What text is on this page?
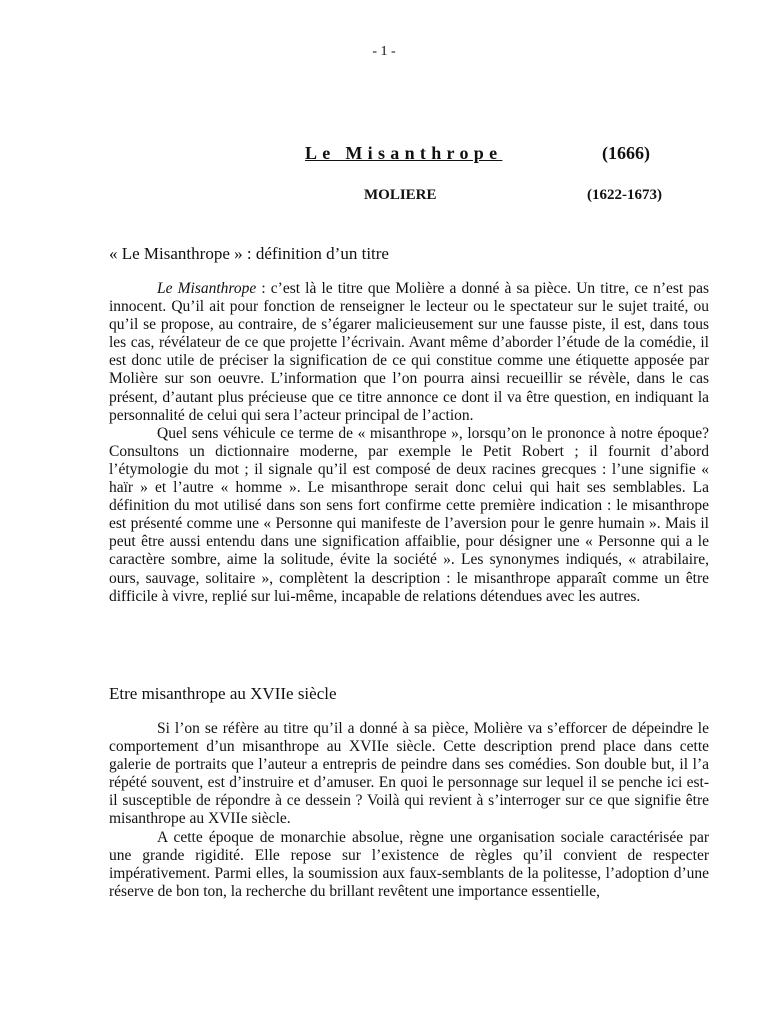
- 1 -
Le Misanthrope	(1666)
MOLIERE	(1622-1673)
« Le Misanthrope » : définition d’un titre

Le Misanthrope : c’est là le titre que Molière a donné à sa pièce. Un titre, ce n’est pas innocent. Qu’il ait pour fonction de renseigner le lecteur ou le spectateur sur le sujet traité, ou qu’il se propose, au contraire, de s’égarer malicieusement sur une fausse piste, il est, dans tous les cas, révélateur de ce que projette l’écrivain. Avant même d’aborder l’étude de la comédie, il est donc utile de préciser la signification de ce qui constitue comme une étiquette apposée par Molière sur son oeuvre. L’information que l’on pourra ainsi recueillir se révèle, dans le cas présent, d’autant plus précieuse que ce titre annonce ce dont il va être question, en indiquant la personnalité de celui qui sera l’acteur principal de l’action.

Quel sens véhicule ce terme de « misanthrope », lorsqu’on le prononce à notre époque? Consultons un dictionnaire moderne, par exemple le Petit Robert ; il fournit d’abord l’étymologie du mot ; il signale qu’il est composé de deux racines grecques : l’une signifie « haïr » et l’autre « homme ». Le misanthrope serait donc celui qui hait ses semblables. La définition du mot utilisé dans son sens fort confirme cette première indication : le misanthrope est présenté comme une « Personne qui manifeste de l’aversion pour le genre humain ». Mais il peut être aussi entendu dans une signification affaiblie, pour désigner une « Personne qui a le caractère sombre, aime la solitude, évite la société ». Les synonymes indiqués, « atrabilaire, ours, sauvage, solitaire », complètent la description : le misanthrope apparaît comme un être difficile à vivre, replié sur lui-même, incapable de relations détendues avec les autres.

Etre misanthrope au XVIIe siècle

Si l’on se réfère au titre qu’il a donné à sa pièce, Molière va s’efforcer de dépeindre le comportement d’un misanthrope au XVIIe siècle. Cette description prend place dans cette galerie de portraits que l’auteur a entrepris de peindre dans ses comédies. Son double but, il l’a répété souvent, est d’instruire et d’amuser. En quoi le personnage sur lequel il se penche ici est-il susceptible de répondre à ce dessein ? Voilà qui revient à s’interroger sur ce que signifie être misanthrope au XVIIe siècle.

A cette époque de monarchie absolue, règne une organisation sociale caractérisée par une grande rigidité. Elle repose sur l’existence de règles qu’il convient de respecter impérativement. Parmi elles, la soumission aux faux-semblants de la politesse, l’adoption d’une réserve de bon ton, la recherche du brillant revêtent une importance essentielle,
